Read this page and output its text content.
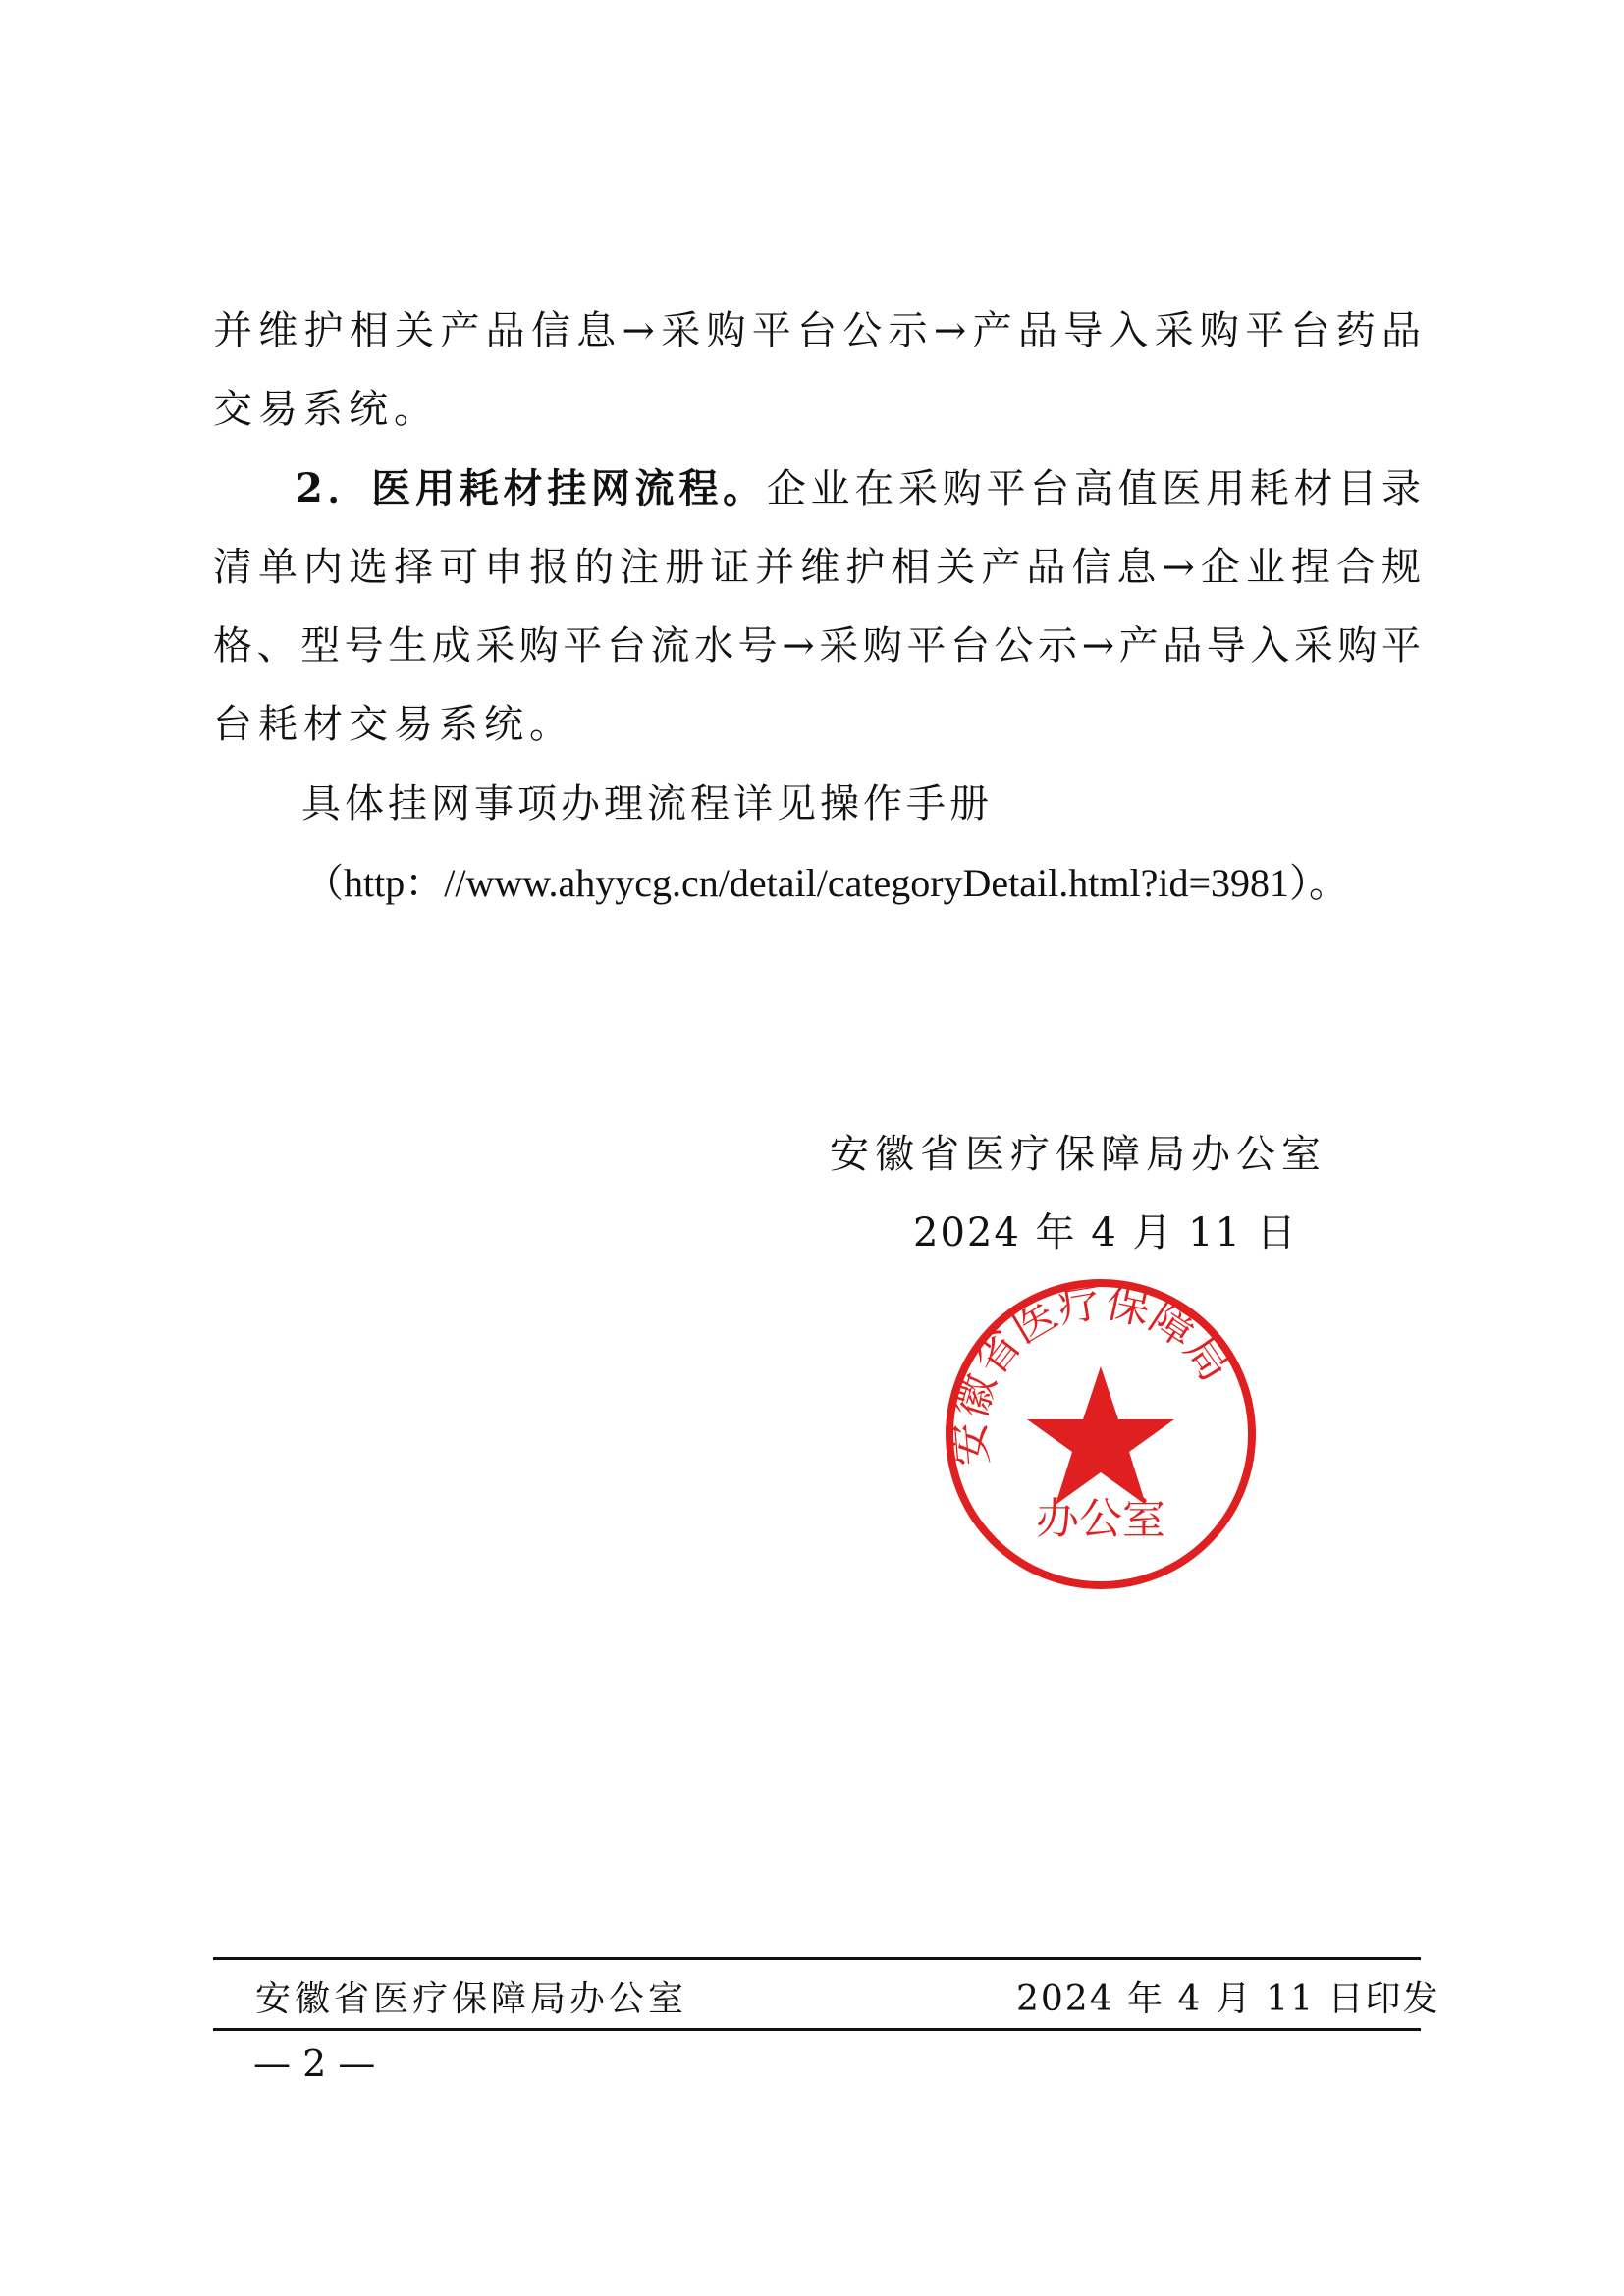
并维护相关产品信息→采购平台公示→产品导入采购平台药品
交易系统。
2．医用耗材挂网流程。企业在采购平台高值医用耗材目录
清单内选择可申报的注册证并维护相关产品信息→企业捏合规
格、型号生成采购平台流水号→采购平台公示→产品导入采购平
台耗材交易系统。
具体挂网事项办理流程详见操作手册
（http：//www.ahyycg.cn/detail/categoryDetail.html?id=3981）。
安徽省医疗保障局办公室
2024 年 4 月 11 日
安徽省医疗保障局
办公室
安徽省医疗保障局办公室	2024 年 4 月 11 日印发
— 2 —
